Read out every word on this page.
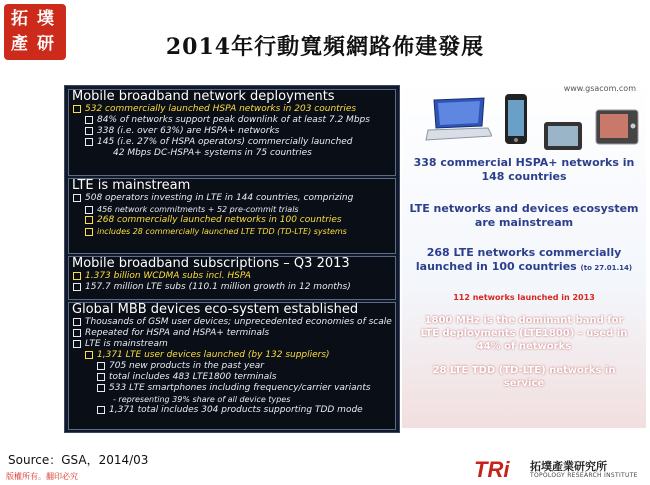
拓 墣
產 研	2014年行動寬頻網路佈建發展
Mobile broadband network deployments
532 commercially launched HSPA networks in 203 countries
84% of networks support peak downlink of at least 7.2 Mbps
338 (i.e. over 63%) are HSPA+ networks
145 (i.e. 27% of HSPA operators) commercially launched
42 Mbps DC-HSPA+ systems in 75 countries
LTE is mainstream
508 operators investing in LTE in 144 countries, comprizing
456 network commitments + 52 pre-commit trials
268 commercially launched networks in 100 countries
includes 28 commercially launched LTE TDD (TD-LTE) systems
Mobile broadband subscriptions – Q3 2013
1.373 billion WCDMA subs incl. HSPA
157.7 million LTE subs (110.1 million growth in 12 months)
Global MBB devices eco-system established
Thousands of GSM user devices; unprecedented economies of scale
Repeated for HSPA and HSPA+ terminals
LTE is mainstream
1,371 LTE user devices launched (by 132 suppliers)
705 new products in the past year
total includes 483 LTE1800 terminals
533 LTE smartphones including frequency/carrier variants
- representing 39% share of all device types
1,371 total includes 304 products supporting TDD mode
www.gsacom.com
338 commercial HSPA+ networks in 148 countries
LTE networks and devices ecosystem are mainstream
268 LTE networks commercially launched in 100 countries (to 27.01.14)
112 networks launched in 2013
1800 MHz is the dominant band for LTE deployments (LTE1800) – used in 44% of networks
28 LTE TDD (TD-LTE) networks in service
Source：GSA，2014/03
版權所有。翻印必究	TRi 拓墣產業研究所
TOPOLOGY RESEARCH INSTITUTE
